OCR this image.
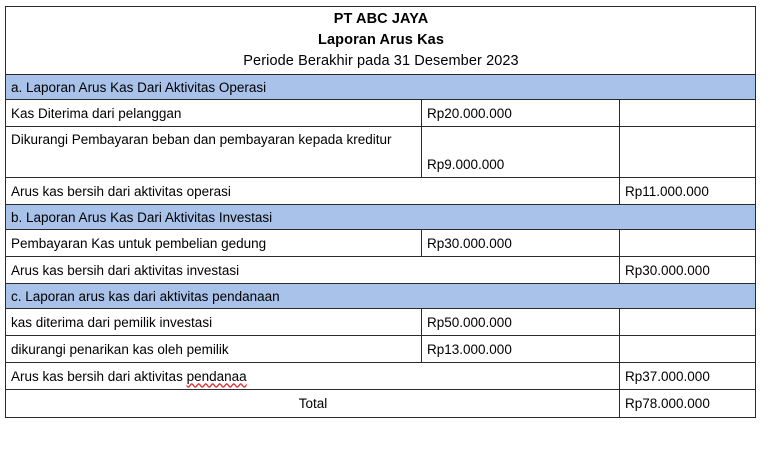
PT ABC JAYA
Laporan Arus Kas
Periode Berakhir pada 31 Desember 2023		

a. Laporan Arus Kas Dari Aktivitas Operasi		
Kas Diterima dari pelanggan	Rp20.000.000	
Dikurangi Pembayaran beban dan pembayaran kepada kreditur	Rp9.000.000	
Arus kas bersih dari aktivitas operasi		Rp11.000.000
b. Laporan Arus Kas Dari Aktivitas Investasi		
Pembayaran Kas untuk pembelian gedung	Rp30.000.000	
Arus kas bersih dari aktivitas investasi		Rp30.000.000
c. Laporan arus kas dari aktivitas pendanaan		
kas diterima dari pemilik investasi	Rp50.000.000	
dikurangi penarikan kas oleh pemilik	Rp13.000.000	
Arus kas bersih dari aktivitas pendanaa		Rp37.000.000
Total		Rp78.000.000
